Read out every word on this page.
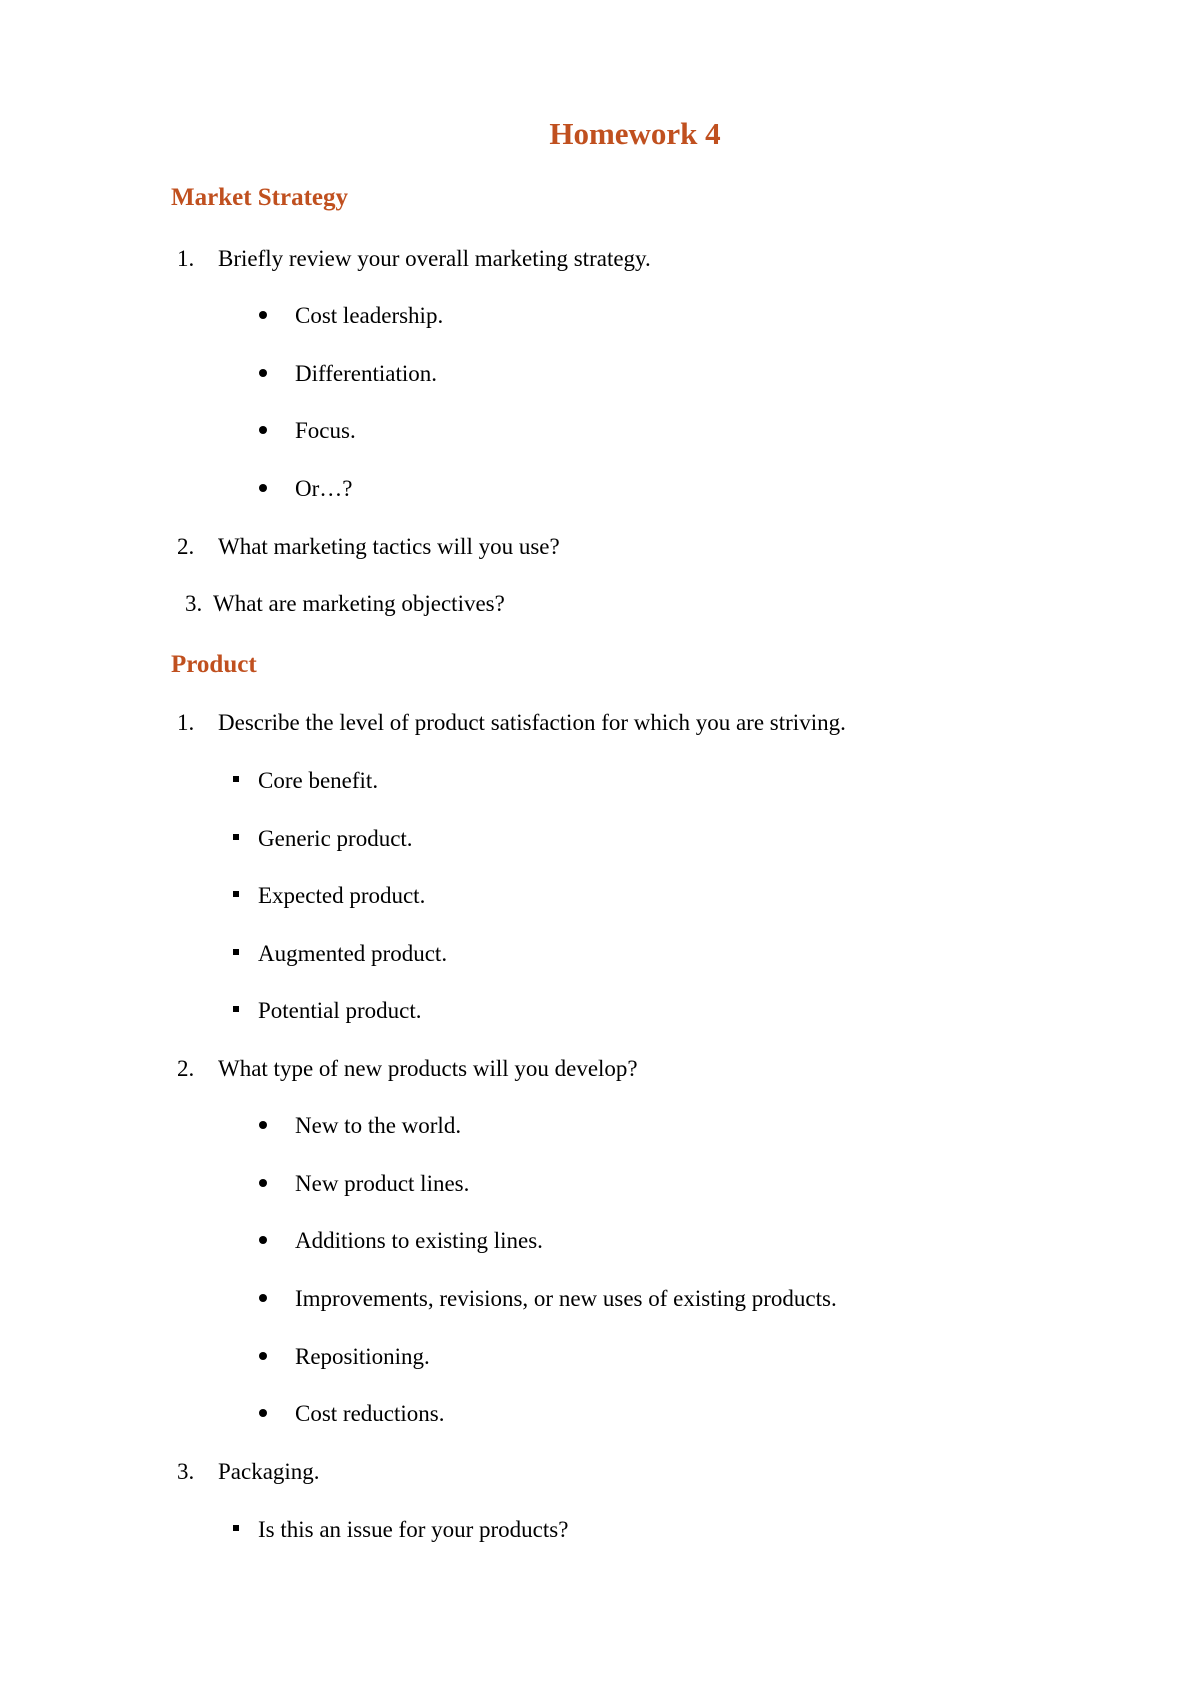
Homework 4
Market Strategy
1. Briefly review your overall marketing strategy.
Cost leadership.
Differentiation.
Focus.
Or…?
2. What marketing tactics will you use?
3. What are marketing objectives?
Product
1. Describe the level of product satisfaction for which you are striving.
Core benefit.
Generic product.
Expected product.
Augmented product.
Potential product.
2. What type of new products will you develop?
New to the world.
New product lines.
Additions to existing lines.
Improvements, revisions, or new uses of existing products.
Repositioning.
Cost reductions.
3. Packaging.
Is this an issue for your products?
